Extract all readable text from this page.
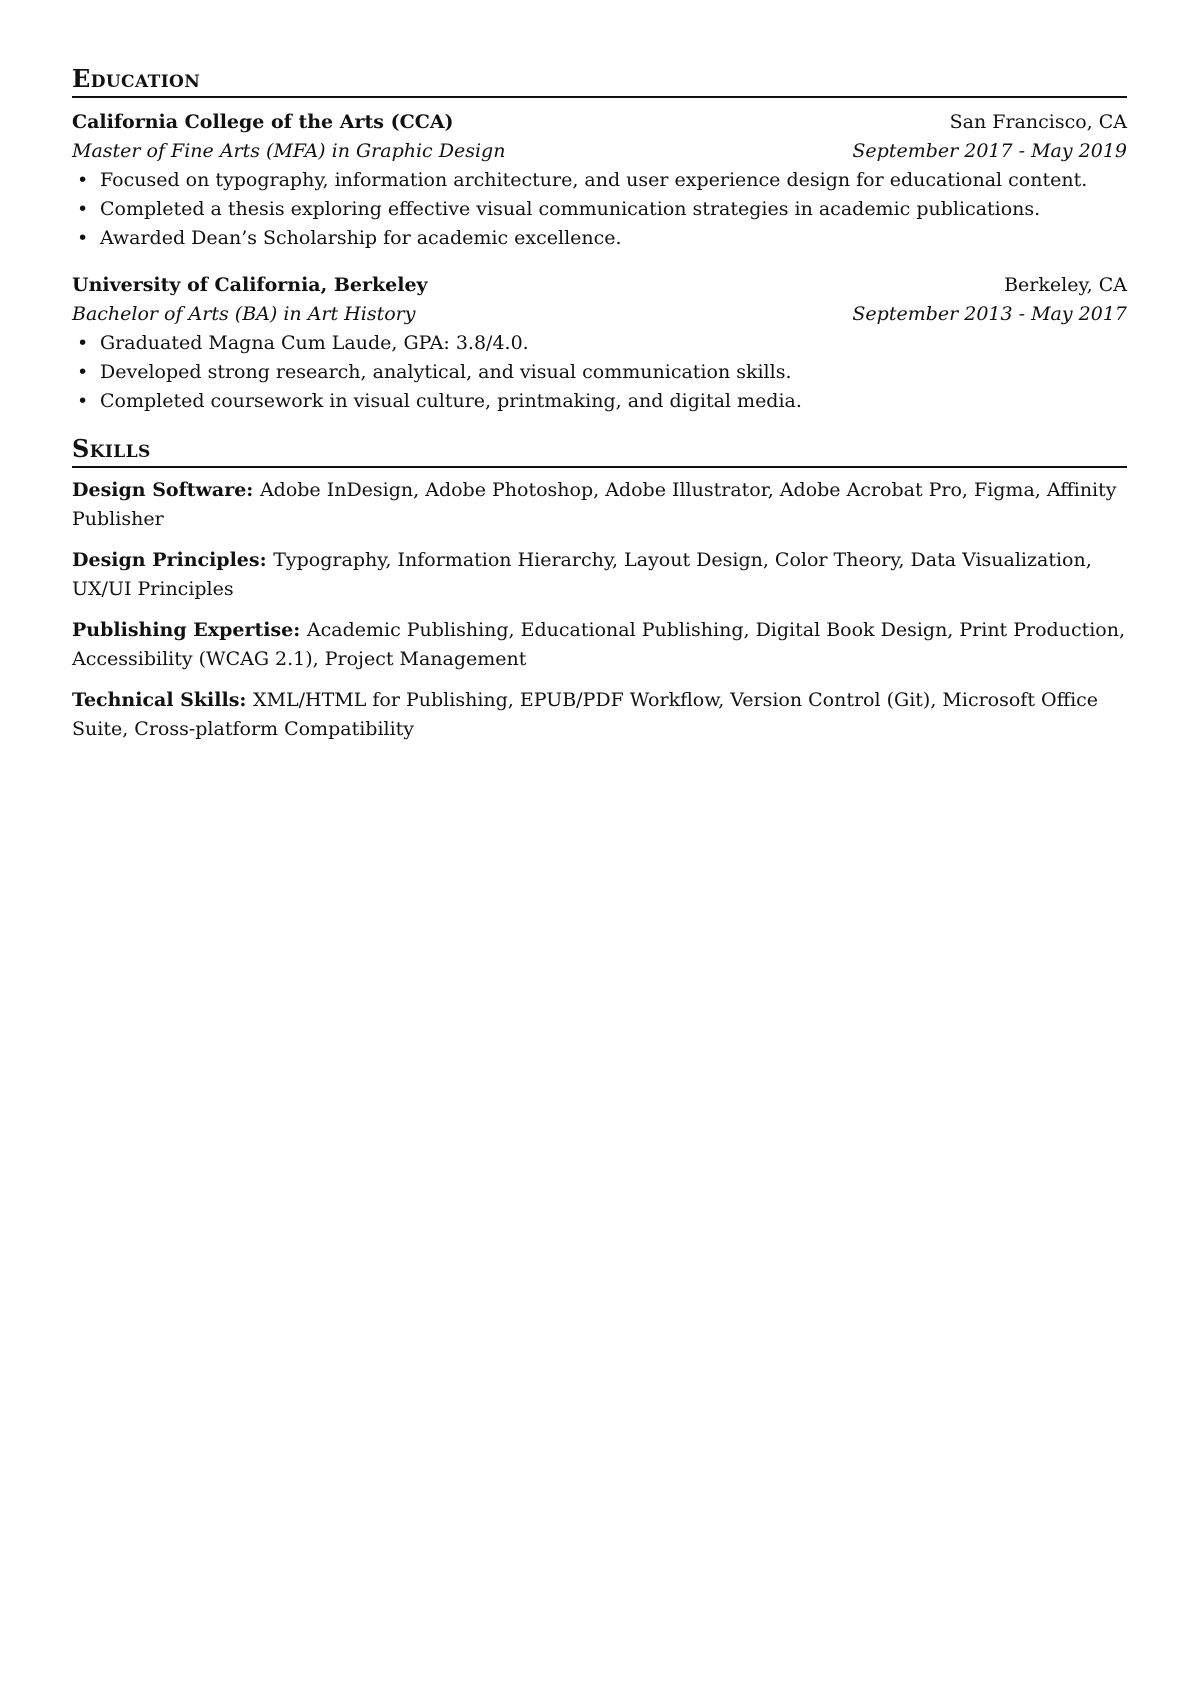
Education
California College of the Arts (CCA)	San Francisco, CA
Master of Fine Arts (MFA) in Graphic Design	September 2017 - May 2019
• Focused on typography, information architecture, and user experience design for educational content.
• Completed a thesis exploring effective visual communication strategies in academic publications.
• Awarded Dean’s Scholarship for academic excellence.
University of California, Berkeley	Berkeley, CA
Bachelor of Arts (BA) in Art History	September 2013 - May 2017
• Graduated Magna Cum Laude, GPA: 3.8/4.0.
• Developed strong research, analytical, and visual communication skills.
• Completed coursework in visual culture, printmaking, and digital media.
Skills
Design Software: Adobe InDesign, Adobe Photoshop, Adobe Illustrator, Adobe Acrobat Pro, Figma, Affinity Publisher
Design Principles: Typography, Information Hierarchy, Layout Design, Color Theory, Data Visualization, UX/UI Principles
Publishing Expertise: Academic Publishing, Educational Publishing, Digital Book Design, Print Production, Accessibility (WCAG 2.1), Project Management
Technical Skills: XML/HTML for Publishing, EPUB/PDF Workflow, Version Control (Git), Microsoft Office Suite, Cross-platform Compatibility
